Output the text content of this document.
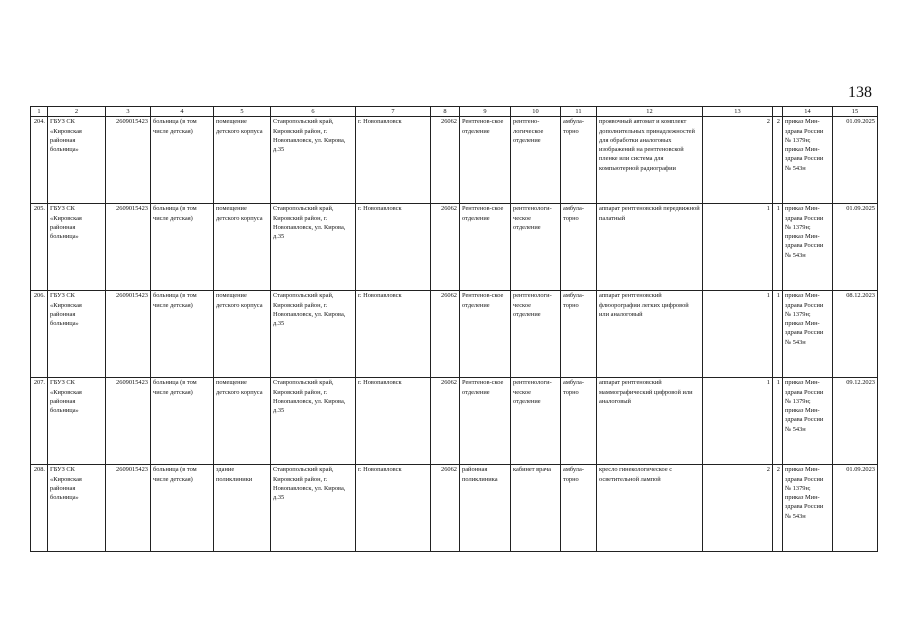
138
1	2	3	4	5	6	7	8	9	10	11	12	13		14	15
204.	ГБУЗ СК «Кировская районная больница»	2609015423	больница (в том числе детская)	помещение детского корпуса	Ставропольский край, Кировский район, г. Новопавловск, ул. Кирова, д.35	г. Новопавловск	26062	Рентгенов-ское отделение	рентгено-логическое отделение	амбула-торно	проявочный автомат и комплект дополнительных принадлежностей для обработки аналоговых изображений на рентгеновской пленке или система для компьютерной радиографии	2	2	приказ Мин-здрава России № 1379н; приказ Мин-здрава России № 543н	01.09.2025
205.	ГБУЗ СК «Кировская районная больница»	2609015423	больница (в том числе детская)	помещение детского корпуса	Ставропольский край, Кировский район, г. Новопавловск, ул. Кирова, д.35	г. Новопавловск	26062	Рентгенов-ское отделение	рентгенологи-ческое отделение	амбула-торно	аппарат рентгеновский передвижной палатный	1	1	приказ Мин-здрава России № 1379н; приказ Мин-здрава России № 543н	01.09.2025
206.	ГБУЗ СК «Кировская районная больница»	2609015423	больница (в том числе детская)	помещение детского корпуса	Ставропольский край, Кировский район, г. Новопавловск, ул. Кирова, д.35	г. Новопавловск	26062	Рентгенов-ское отделение	рентгенологи-ческое отделение	амбула-торно	аппарат рентгеновский флюорографии легких цифровой или аналоговый	1	1	приказ Мин-здрава России № 1379н; приказ Мин-здрава России № 543н	08.12.2023
207.	ГБУЗ СК «Кировская районная больница»	2609015423	больница (в том числе детская)	помещение детского корпуса	Ставропольский край, Кировский район, г. Новопавловск, ул. Кирова, д.35	г. Новопавловск	26062	Рентгенов-ское отделение	рентгенологи-ческое отделение	амбула-торно	аппарат рентгеновский маммографический цифровой или аналоговый	1	1	приказ Мин-здрава России № 1379н; приказ Мин-здрава России № 543н	09.12.2023
208.	ГБУЗ СК «Кировская районная больница»	2609015423	больница (в том числе детская)	здание поликлиники	Ставропольский край, Кировский район, г. Новопавловск, ул. Кирова, д.35	г. Новопавловск	26062	районная поликлиника	кабинет врача	амбула-торно	кресло гинекологическое с осветительной лампой	2	2	приказ Мин-здрава России № 1379н; приказ Мин-здрава России № 543н	01.09.2023
